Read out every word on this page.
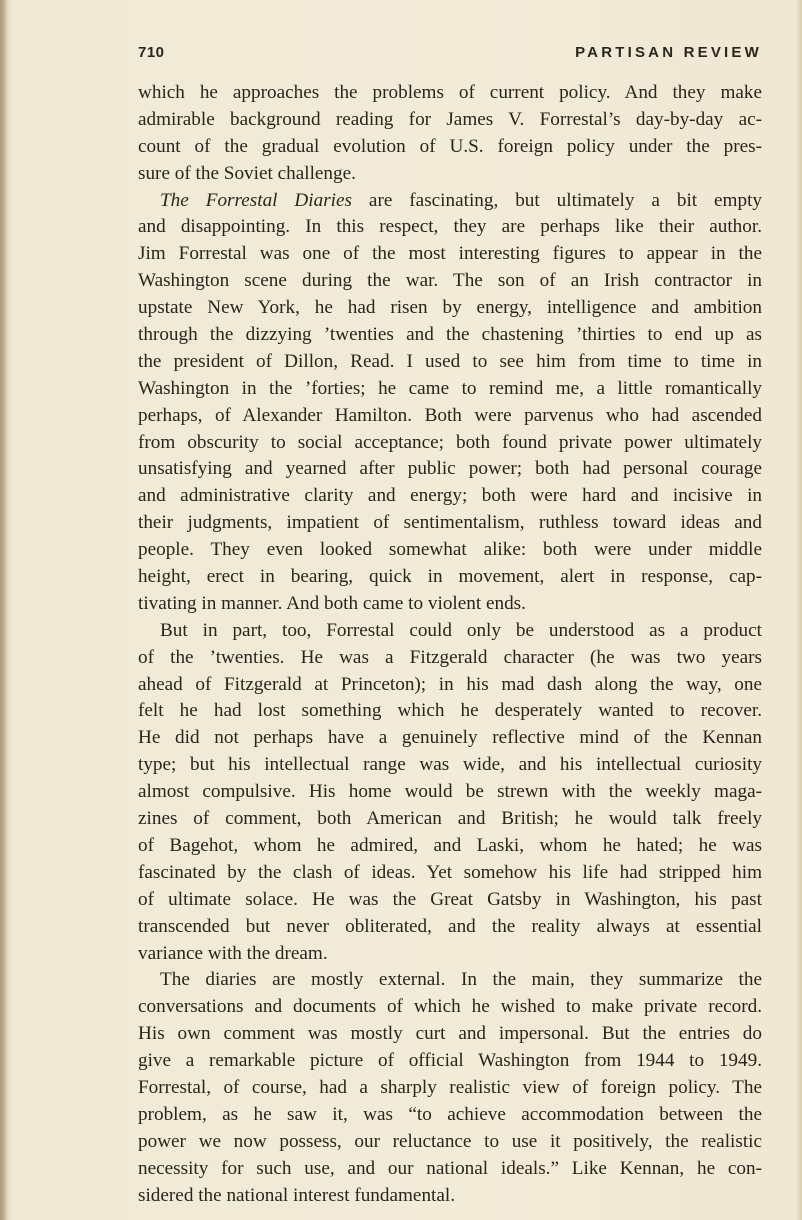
710	PARTISAN REVIEW
which he approaches the problems of current policy. And they make
admirable background reading for James V. Forrestal’s day-by-day ac-
count of the gradual evolution of U.S. foreign policy under the pres-
sure of the Soviet challenge.
The Forrestal Diaries are fascinating, but ultimately a bit empty
and disappointing. In this respect, they are perhaps like their author.
Jim Forrestal was one of the most interesting figures to appear in the
Washington scene during the war. The son of an Irish contractor in
upstate New York, he had risen by energy, intelligence and ambition
through the dizzying ’twenties and the chastening ’thirties to end up as
the president of Dillon, Read. I used to see him from time to time in
Washington in the ’forties; he came to remind me, a little romantically
perhaps, of Alexander Hamilton. Both were parvenus who had ascended
from obscurity to social acceptance; both found private power ultimately
unsatisfying and yearned after public power; both had personal courage
and administrative clarity and energy; both were hard and incisive in
their judgments, impatient of sentimentalism, ruthless toward ideas and
people. They even looked somewhat alike: both were under middle
height, erect in bearing, quick in movement, alert in response, cap-
tivating in manner. And both came to violent ends.
But in part, too, Forrestal could only be understood as a product
of the ’twenties. He was a Fitzgerald character (he was two years
ahead of Fitzgerald at Princeton); in his mad dash along the way, one
felt he had lost something which he desperately wanted to recover.
He did not perhaps have a genuinely reflective mind of the Kennan
type; but his intellectual range was wide, and his intellectual curiosity
almost compulsive. His home would be strewn with the weekly maga-
zines of comment, both American and British; he would talk freely
of Bagehot, whom he admired, and Laski, whom he hated; he was
fascinated by the clash of ideas. Yet somehow his life had stripped him
of ultimate solace. He was the Great Gatsby in Washington, his past
transcended but never obliterated, and the reality always at essential
variance with the dream.
The diaries are mostly external. In the main, they summarize the
conversations and documents of which he wished to make private record.
His own comment was mostly curt and impersonal. But the entries do
give a remarkable picture of official Washington from 1944 to 1949.
Forrestal, of course, had a sharply realistic view of foreign policy. The
problem, as he saw it, was “to achieve accommodation between the
power we now possess, our reluctance to use it positively, the realistic
necessity for such use, and our national ideals.” Like Kennan, he con-
sidered the national interest fundamental.
